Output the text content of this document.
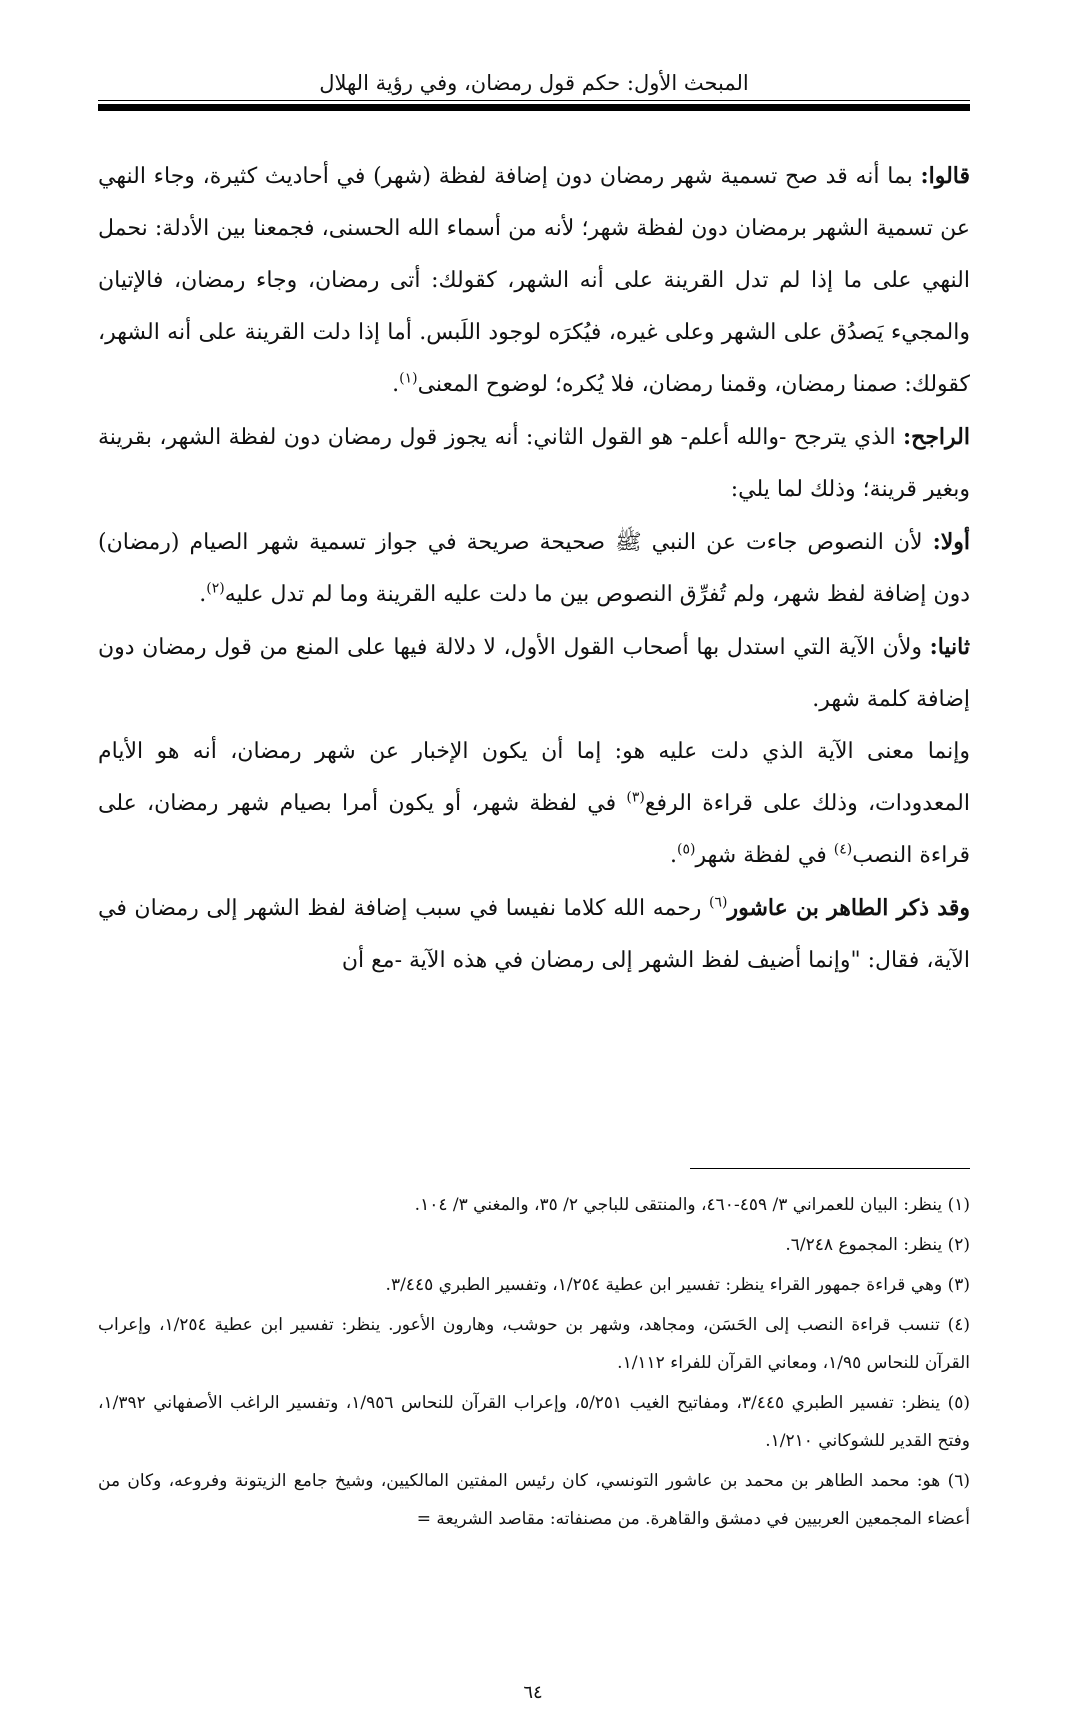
المبحث الأول: حكم قول رمضان، وفي رؤية الهلال

قالوا: بما أنه قد صح تسمية شهر رمضان دون إضافة لفظة (شهر) في أحاديث كثيرة، وجاء النهي عن تسمية الشهر برمضان دون لفظة شهر؛ لأنه من أسماء الله الحسنى، فجمعنا بين الأدلة: نحمل النهي على ما إذا لم تدل القرينة على أنه الشهر، كقولك: أتى رمضان، وجاء رمضان، فالإتيان والمجيء يَصدُق على الشهر وعلى غيره، فيُكرَه لوجود اللَبس. أما إذا دلت القرينة على أنه الشهر، كقولك: صمنا رمضان، وقمنا رمضان، فلا يُكره؛ لوضوح المعنى$^{(١)}$.

الراجح: الذي يترجح -والله أعلم- هو القول الثاني: أنه يجوز قول رمضان دون لفظة الشهر، بقرينة وبغير قرينة؛ وذلك لما يلي:

أولا: لأن النصوص جاءت عن النبي ﷺ صحيحة صريحة في جواز تسمية شهر الصيام (رمضان) دون إضافة لفظ شهر، ولم تُفرِّق النصوص بين ما دلت عليه القرينة وما لم تدل عليه$^{(٢)}$.

ثانيا: ولأن الآية التي استدل بها أصحاب القول الأول، لا دلالة فيها على المنع من قول رمضان دون إضافة كلمة شهر.

وإنما معنى الآية الذي دلت عليه هو: إما أن يكون الإخبار عن شهر رمضان، أنه هو الأيام المعدودات، وذلك على قراءة الرفع$^{(٣)}$ في لفظة شهر، أو يكون أمرا بصيام شهر رمضان، على قراءة النصب$^{(٤)}$ في لفظة شهر$^{(٥)}$.

وقد ذكر الطاهر بن عاشور$^{(٦)}$ رحمه الله كلاما نفيسا في سبب إضافة لفظ الشهر إلى رمضان في الآية، فقال: "وإنما أضيف لفظ الشهر إلى رمضان في هذه الآية -مع أن

(١) ينظر: البيان للعمراني ٣/ ٤٥٩-٤٦٠، والمنتقى للباجي ٢/ ٣٥، والمغني ٣/ ١٠٤.

(٢) ينظر: المجموع ٦/٢٤٨.

(٣) وهي قراءة جمهور القراء ينظر: تفسير ابن عطية ١/٢٥٤، وتفسير الطبري ٣/٤٤٥.

(٤) تنسب قراءة النصب إلى الحَسَن، ومجاهد، وشهر بن حوشب، وهارون الأعور. ينظر: تفسير ابن عطية ١/٢٥٤، وإعراب القرآن للنحاس ١/٩٥، ومعاني القرآن للفراء ١/١١٢.

(٥) ينظر: تفسير الطبري ٣/٤٤٥، ومفاتيح الغيب ٥/٢٥١، وإعراب القرآن للنحاس ١/٩٥٦، وتفسير الراغب الأصفهاني ١/٣٩٢، وفتح القدير للشوكاني ١/٢١٠.

(٦) هو: محمد الطاهر بن محمد بن عاشور التونسي، كان رئيس المفتين المالكيين، وشيخ جامع الزيتونة وفروعه، وكان من أعضاء المجمعين العربيين في دمشق والقاهرة. من مصنفاته: مقاصد الشريعة =

٦٤
